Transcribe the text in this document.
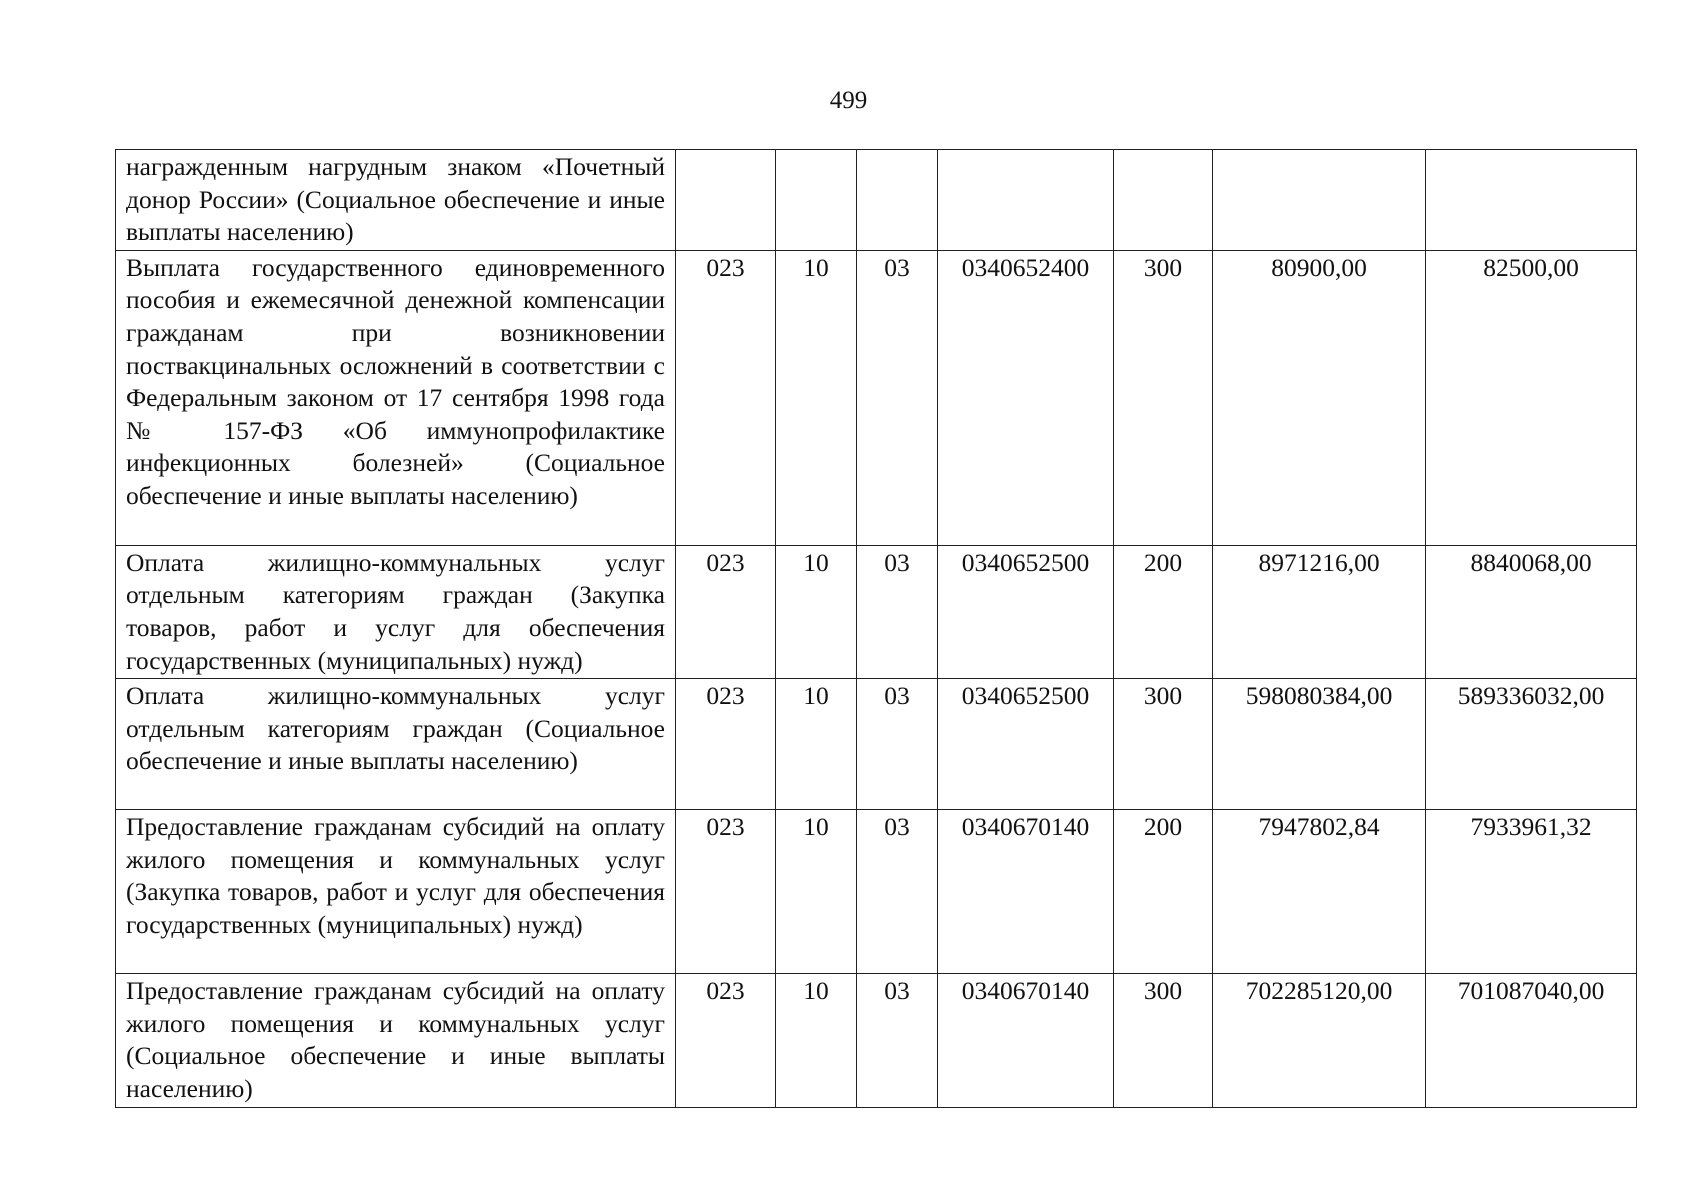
499
награжденным нагрудным знаком «Почетный донор России» (Социальное обеспечение и иные выплаты населению)							
Выплата государственного единовременного пособия и ежемесячной денежной компенсации гражданам при возникновении поствакцинальных осложнений в соответствии с Федеральным законом от 17 сентября 1998 года № 157-ФЗ «Об иммунопрофилактике инфекционных болезней» (Социальное обеспечение и иные выплаты населению)	023	10	03	0340652400	300	80900,00	82500,00
Оплата жилищно-коммунальных услуг отдельным категориям граждан (Закупка товаров, работ и услуг для обеспечения государственных (муниципальных) нужд)	023	10	03	0340652500	200	8971216,00	8840068,00
Оплата жилищно-коммунальных услуг отдельным категориям граждан (Социальное обеспечение и иные выплаты населению)	023	10	03	0340652500	300	598080384,00	589336032,00
Предоставление гражданам субсидий на оплату жилого помещения и коммунальных услуг (Закупка товаров, работ и услуг для обеспечения государственных (муниципальных) нужд)	023	10	03	0340670140	200	7947802,84	7933961,32
Предоставление гражданам субсидий на оплату жилого помещения и коммунальных услуг (Социальное обеспечение и иные выплаты населению)	023	10	03	0340670140	300	702285120,00	701087040,00
